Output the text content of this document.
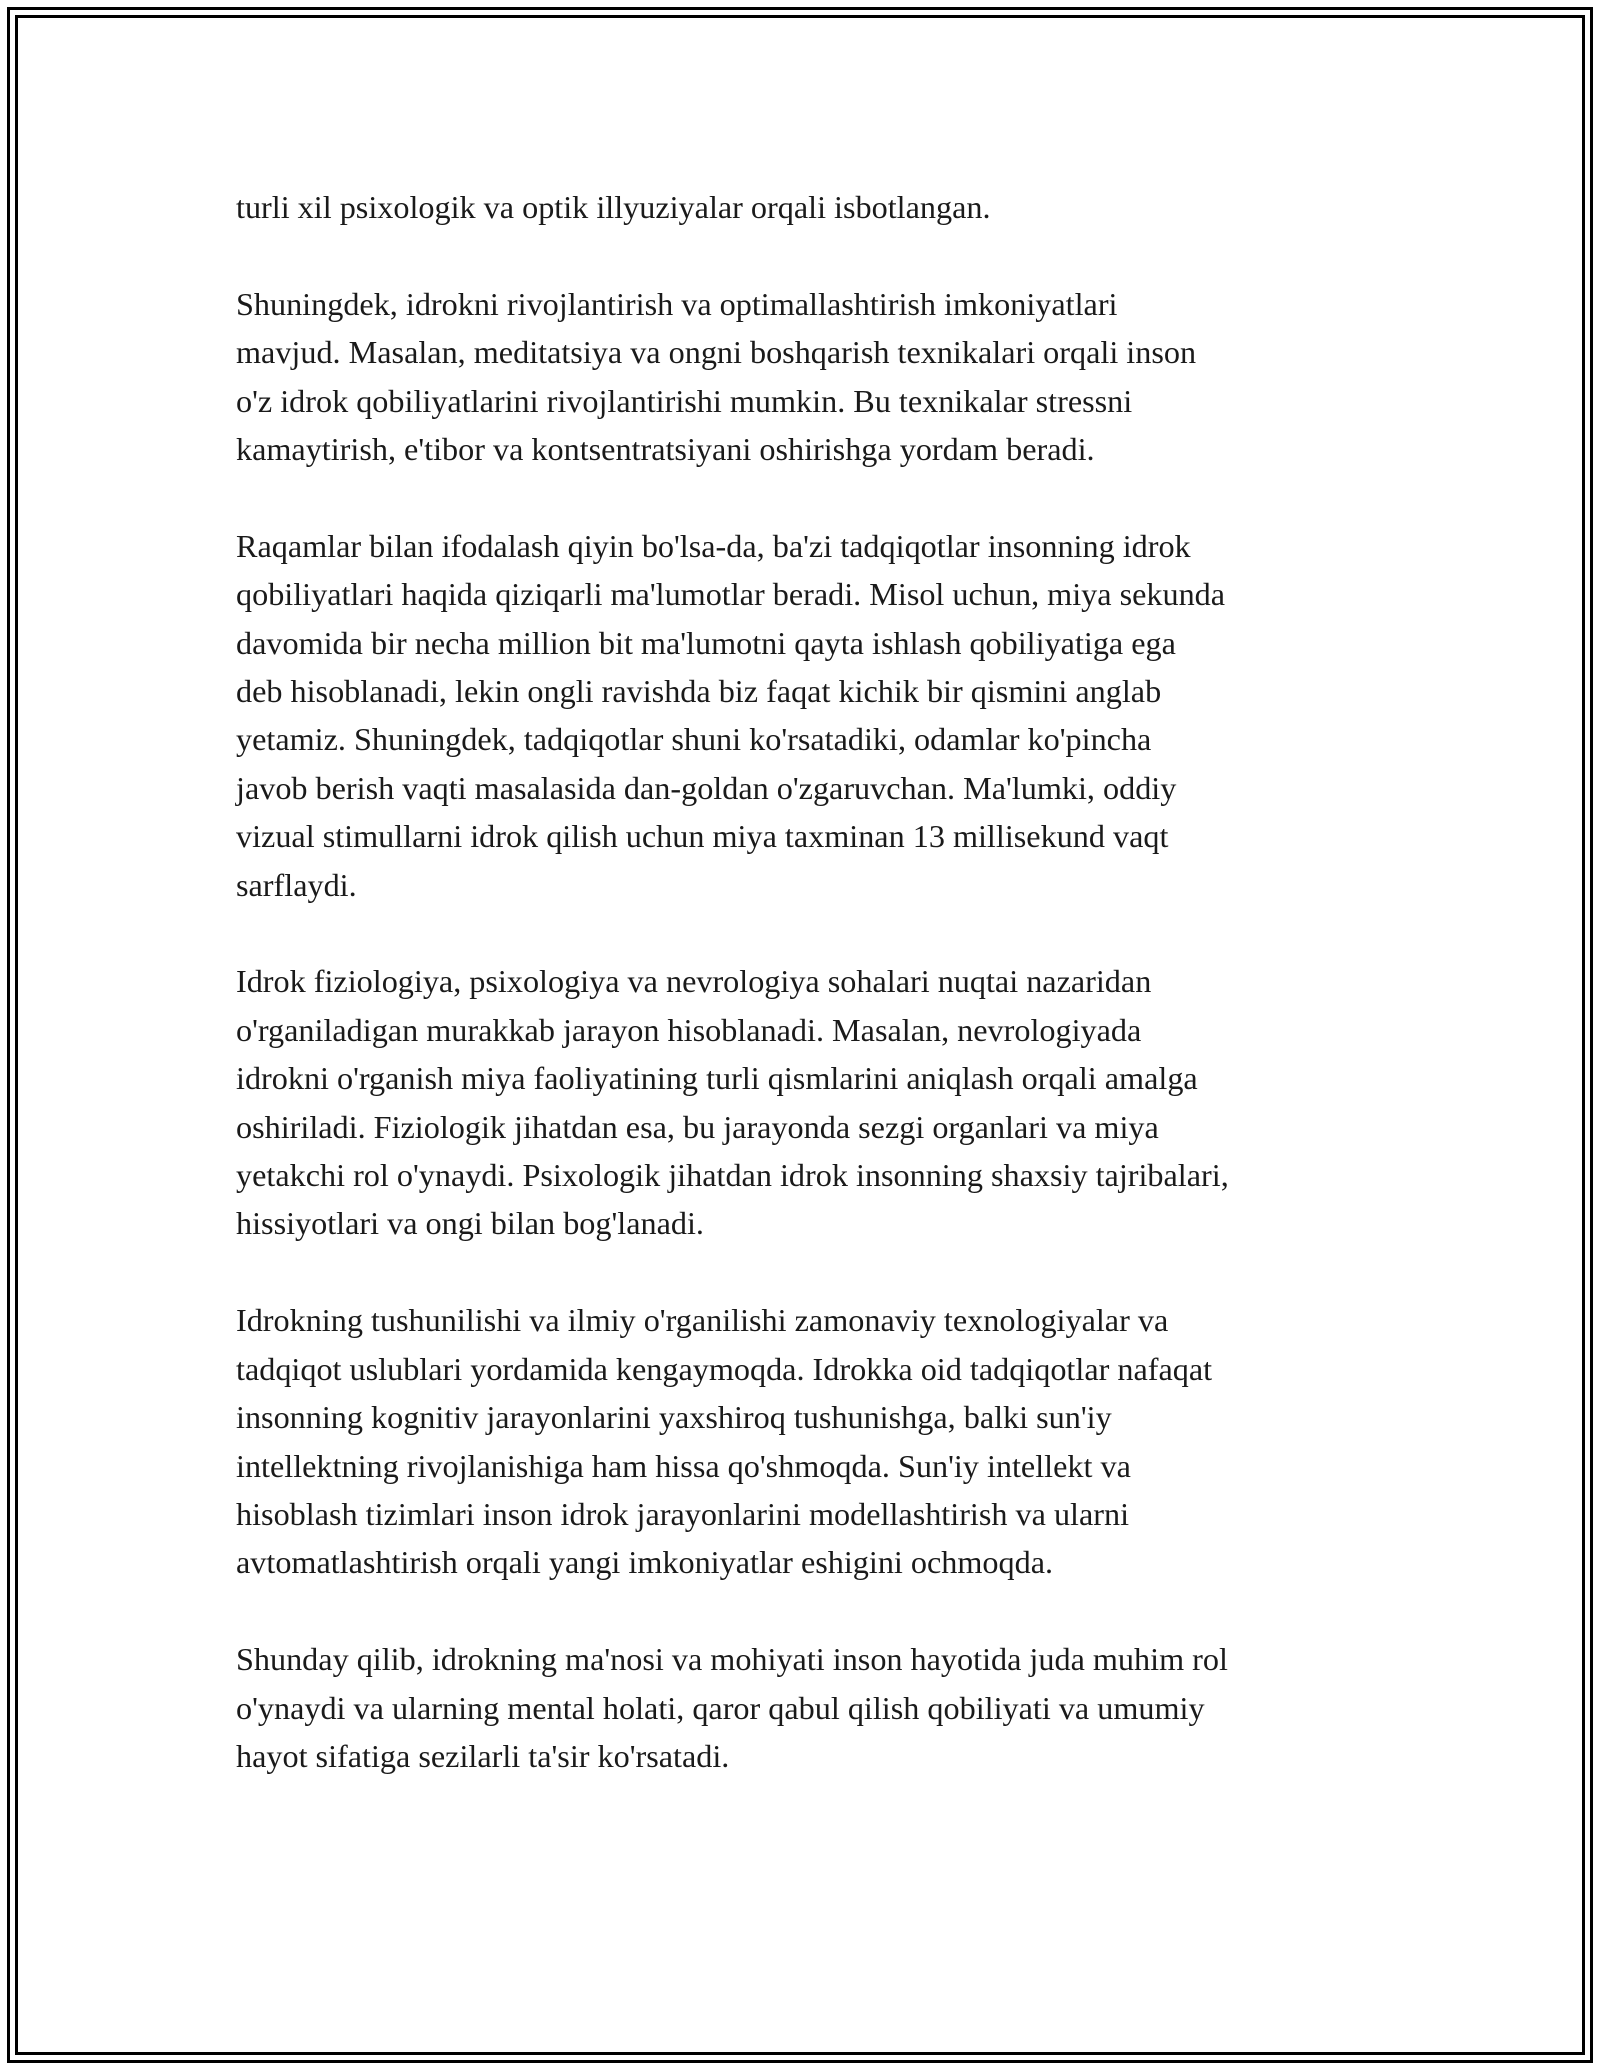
turli xil psixologik va optik illyuziyalar orqali isbotlangan.

Shuningdek, idrokni rivojlantirish va optimallashtirish imkoniyatlari
mavjud. Masalan, meditatsiya va ongni boshqarish texnikalari orqali inson
o'z idrok qobiliyatlarini rivojlantirishi mumkin. Bu texnikalar stressni
kamaytirish, e'tibor va kontsentratsiyani oshirishga yordam beradi.

Raqamlar bilan ifodalash qiyin bo'lsa-da, ba'zi tadqiqotlar insonning idrok
qobiliyatlari haqida qiziqarli ma'lumotlar beradi. Misol uchun, miya sekunda
davomida bir necha million bit ma'lumotni qayta ishlash qobiliyatiga ega
deb hisoblanadi, lekin ongli ravishda biz faqat kichik bir qismini anglab
yetamiz. Shuningdek, tadqiqotlar shuni ko'rsatadiki, odamlar ko'pincha
javob berish vaqti masalasida dan-goldan o'zgaruvchan. Ma'lumki, oddiy
vizual stimullarni idrok qilish uchun miya taxminan 13 millisekund vaqt
sarflaydi.

Idrok fiziologiya, psixologiya va nevrologiya sohalari nuqtai nazaridan
o'rganiladigan murakkab jarayon hisoblanadi. Masalan, nevrologiyada
idrokni o'rganish miya faoliyatining turli qismlarini aniqlash orqali amalga
oshiriladi. Fiziologik jihatdan esa, bu jarayonda sezgi organlari va miya
yetakchi rol o'ynaydi. Psixologik jihatdan idrok insonning shaxsiy tajribalari,
hissiyotlari va ongi bilan bog'lanadi.

Idrokning tushunilishi va ilmiy o'rganilishi zamonaviy texnologiyalar va
tadqiqot uslublari yordamida kengaymoqda. Idrokka oid tadqiqotlar nafaqat
insonning kognitiv jarayonlarini yaxshiroq tushunishga, balki sun'iy
intellektning rivojlanishiga ham hissa qo'shmoqda. Sun'iy intellekt va
hisoblash tizimlari inson idrok jarayonlarini modellashtirish va ularni
avtomatlashtirish orqali yangi imkoniyatlar eshigini ochmoqda.

Shunday qilib, idrokning ma'nosi va mohiyati inson hayotida juda muhim rol
o'ynaydi va ularning mental holati, qaror qabul qilish qobiliyati va umumiy
hayot sifatiga sezilarli ta'sir ko'rsatadi.
